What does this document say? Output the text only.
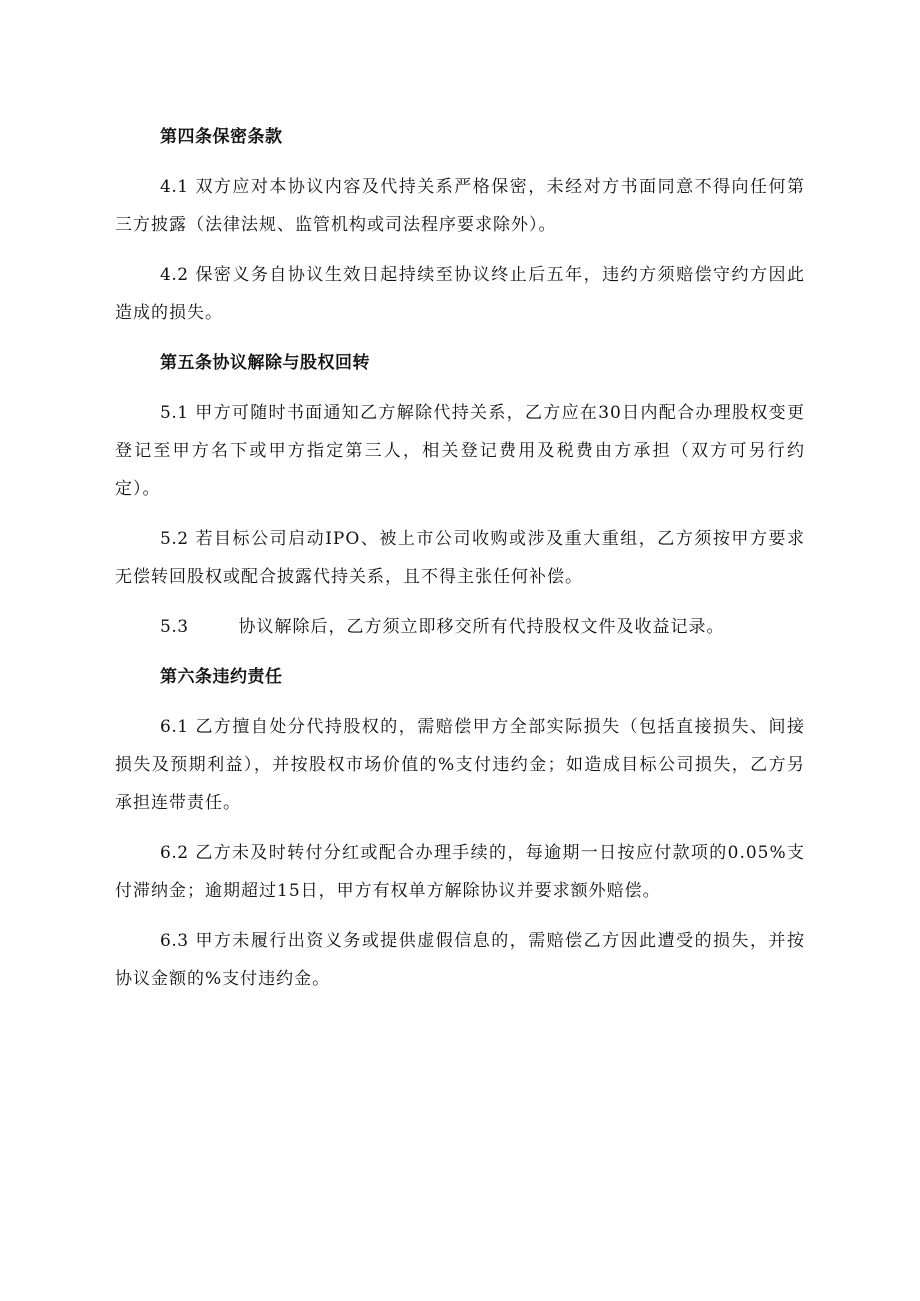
第四条保密条款
4.1 双方应对本协议内容及代持关系严格保密，未经对方书面同意不得向任何第三方披露（法律法规、监管机构或司法程序要求除外）。
4.2 保密义务自协议生效日起持续至协议终止后五年，违约方须赔偿守约方因此造成的损失。
第五条协议解除与股权回转
5.1 甲方可随时书面通知乙方解除代持关系，乙方应在30日内配合办理股权变更登记至甲方名下或甲方指定第三人，相关登记费用及税费由方承担（双方可另行约定）。
5.2 若目标公司启动IPO、被上市公司收购或涉及重大重组，乙方须按甲方要求无偿转回股权或配合披露代持关系，且不得主张任何补偿。
5.3	协议解除后，乙方须立即移交所有代持股权文件及收益记录。
第六条违约责任
6.1 乙方擅自处分代持股权的，需赔偿甲方全部实际损失（包括直接损失、间接损失及预期利益），并按股权市场价值的%支付违约金；如造成目标公司损失，乙方另承担连带责任。
6.2 乙方未及时转付分红或配合办理手续的，每逾期一日按应付款项的0.05%支付滞纳金；逾期超过15日，甲方有权单方解除协议并要求额外赔偿。
6.3 甲方未履行出资义务或提供虚假信息的，需赔偿乙方因此遭受的损失，并按协议金额的%支付违约金。
